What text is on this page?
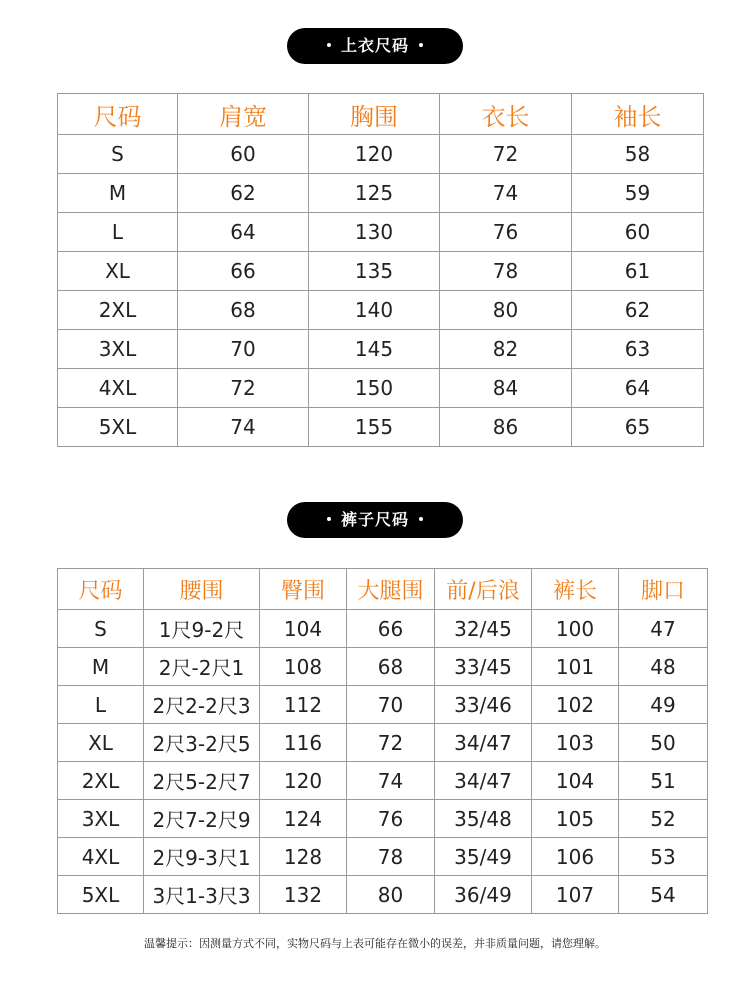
上衣尺码
尺码	肩宽	胸围	衣长	袖长
S	60	120	72	58
M	62	125	74	59
L	64	130	76	60
XL	66	135	78	61
2XL	68	140	80	62
3XL	70	145	82	63
4XL	72	150	84	64
5XL	74	155	86	65
裤子尺码
尺码	腰围	臀围	大腿围	前/后浪	裤长	脚口
S	1尺9-2尺	104	66	32/45	100	47
M	2尺-2尺1	108	68	33/45	101	48
L	2尺2-2尺3	112	70	33/46	102	49
XL	2尺3-2尺5	116	72	34/47	103	50
2XL	2尺5-2尺7	120	74	34/47	104	51
3XL	2尺7-2尺9	124	76	35/48	105	52
4XL	2尺9-3尺1	128	78	35/49	106	53
5XL	3尺1-3尺3	132	80	36/49	107	54
温馨提示：因测量方式不同，实物尺码与上表可能存在微小的误差，并非质量问题，请您理解。
